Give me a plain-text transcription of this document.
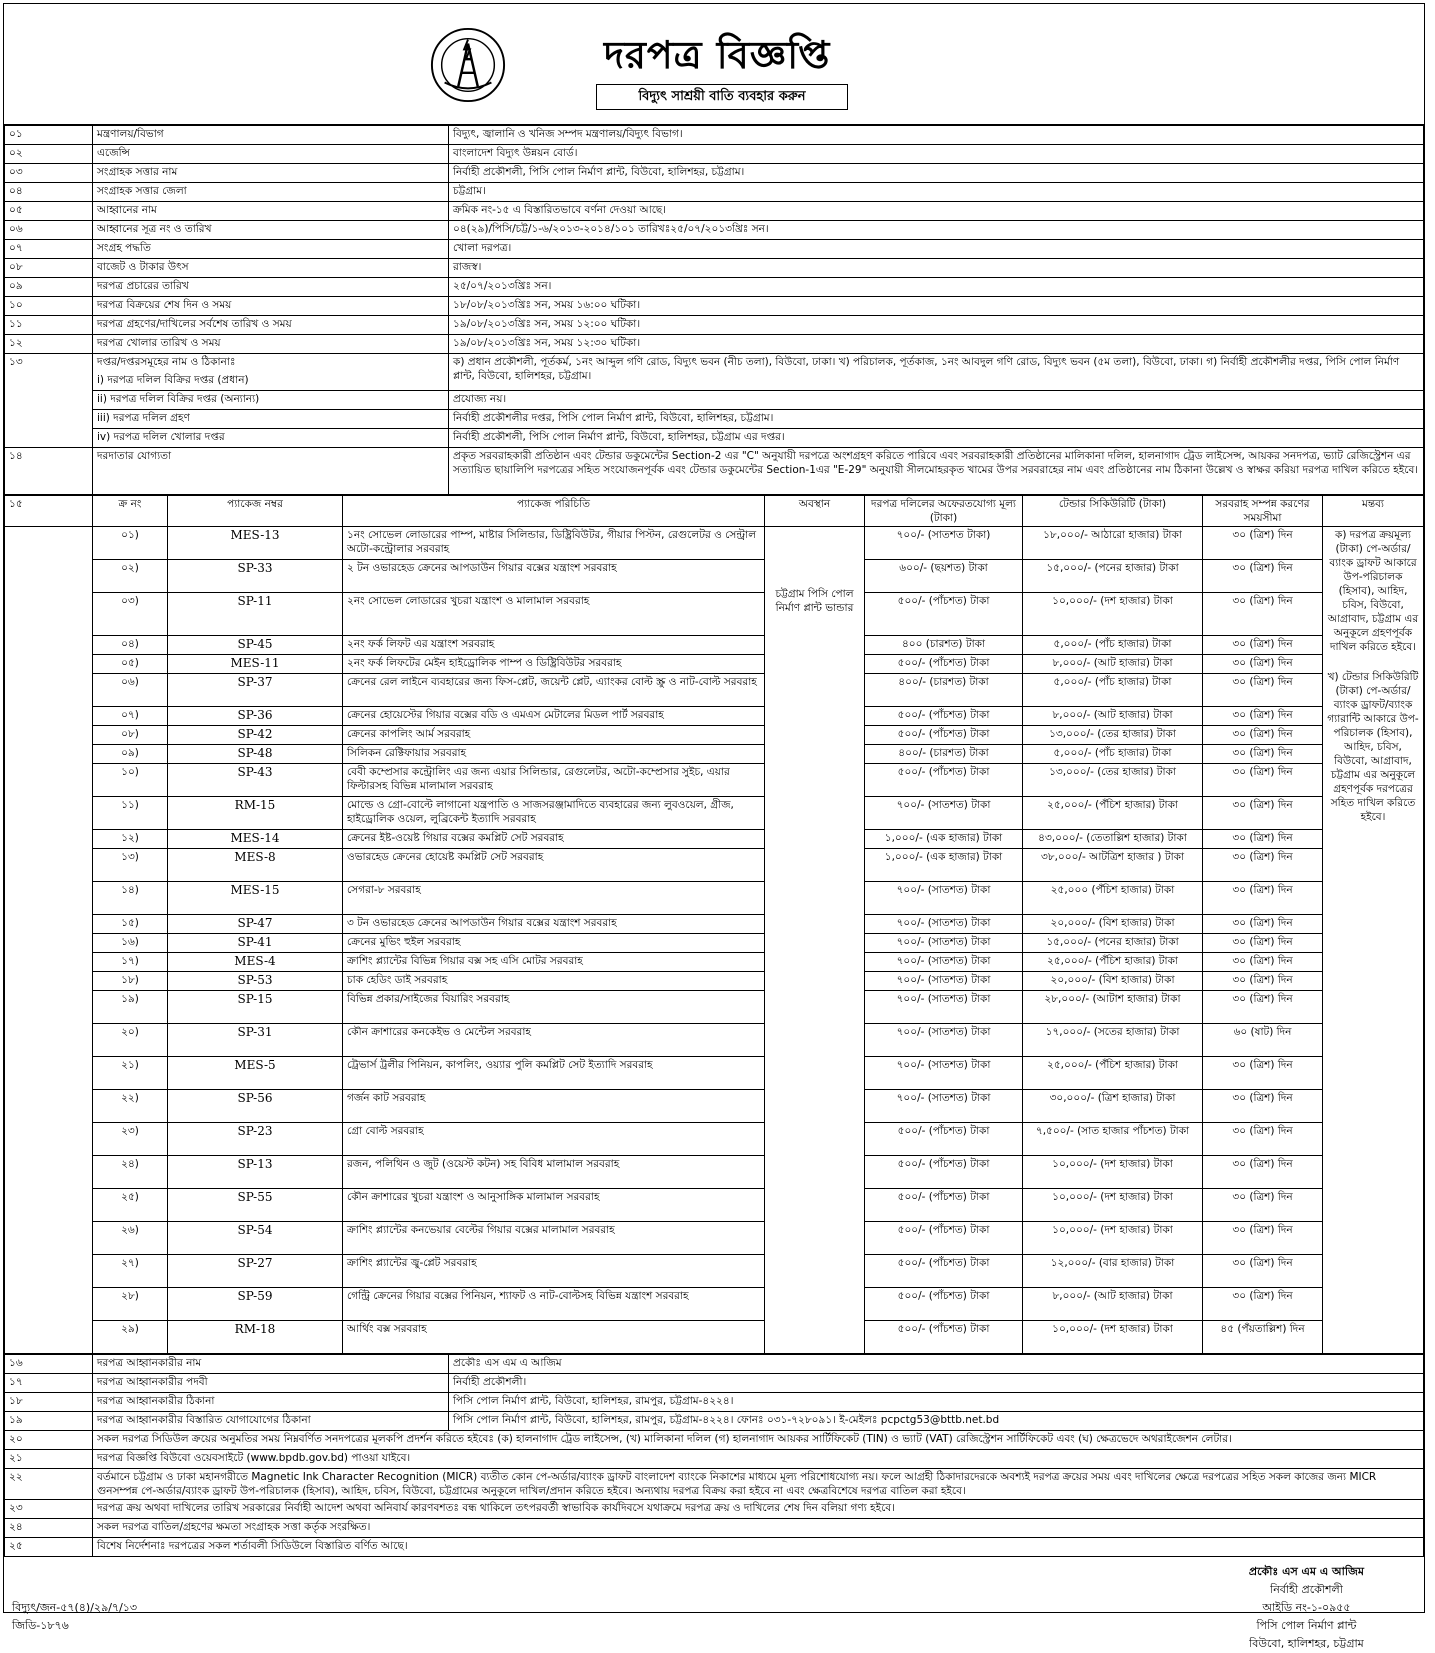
দরপত্র বিজ্ঞপ্তি
বিদ্যুৎ সাশ্রয়ী বাতি ব্যবহার করুন
০১	মন্ত্রণালয়/বিভাগ	বিদ্যুৎ, জ্বালানি ও খনিজ সম্পদ মন্ত্রণালয়/বিদ্যুৎ বিভাগ।
০২	এজেন্সি	বাংলাদেশ বিদ্যুৎ উন্নয়ন বোর্ড।
০৩	সংগ্রাহক সত্তার নাম	নির্বাহী প্রকৌশলী, পিসি পোল নির্মাণ প্লান্ট, বিউবো, হালিশহর, চট্টগ্রাম।
০৪	সংগ্রাহক সত্তার জেলা	চট্টগ্রাম।
০৫	আহ্বানের নাম	ক্রমিক নং-১৫ এ বিস্তারিতভাবে বর্ণনা দেওয়া আছে।
০৬	আহ্বানের সূত্র নং ও তারিখ	০৪(২৯)/পিসি/চট্ট/১-৬/২০১৩-২০১৪/১০১ তারিখঃ২৫/০৭/২০১৩খ্রিঃ সন।
০৭	সংগ্রহ পদ্ধতি	খোলা দরপত্র।
০৮	বাজেট ও টাকার উৎস	রাজস্ব।
০৯	দরপত্র প্রচারের তারিখ	২৫/০৭/২০১৩খ্রিঃ সন।
১০	দরপত্র বিক্রয়ের শেষ দিন ও সময়	১৮/০৮/২০১৩খ্রিঃ সন, সময় ১৬:০০ ঘটিকা।
১১	দরপত্র গ্রহণের/দাখিলের সর্বশেষ তারিখ ও সময়	১৯/০৮/২০১৩খ্রিঃ সন, সময় ১২:০০ ঘটিকা।
১২	দরপত্র খোলার তারিখ ও সময়	১৯/০৮/২০১৩খ্রিঃ সন, সময় ১২:৩০ ঘটিকা।
১৩	দপ্তর/দপ্তরসমূহের নাম ও ঠিকানাঃ	ক) প্রধান প্রকৌশলী, পূর্তকর্ম, ১নং আব্দুল গণি রোড, বিদ্যুৎ ভবন (নীচ তলা), বিউবো, ঢাকা। খ) পরিচালক, পূর্তকাজ, ১নং আবদুল গণি রোড, বিদ্যুৎ ভবন (৫ম তলা), বিউবো, ঢাকা। গ) নির্বাহী প্রকৌশলীর দপ্তর, পিসি পোল নির্মাণ প্লান্ট, বিউবো, হালিশহর, চট্টগ্রাম।
	i) দরপত্র দলিল বিক্রির দপ্তর (প্রধান)	
	ii) দরপত্র দলিল বিক্রির দপ্তর (অন্যান্য)	প্রযোজ্য নয়।
	iii) দরপত্র দলিল গ্রহণ	নির্বাহী প্রকৌশলীর দপ্তর, পিসি পোল নির্মাণ প্লান্ট, বিউবো, হালিশহর, চট্টগ্রাম।
	iv) দরপত্র দলিল খোলার দপ্তর	নির্বাহী প্রকৌশলী, পিসি পোল নির্মাণ প্লান্ট, বিউবো, হালিশহর, চট্টগ্রাম এর দপ্তর।
১৪	দরদাতার যোগ্যতা	প্রকৃত সরবরাহকারী প্রতিষ্ঠান এবং টেন্ডার ডকুমেন্টের Section-2 এর "C" অনুযায়ী দরপত্রে অংশগ্রহণ করিতে পারিবে এবং সরবরাহকারী প্রতিষ্ঠানের মালিকানা দলিল, হালনাগাদ ট্রেড লাইসেন্স, আয়কর সনদপত্র, ভ্যাট রেজিস্ট্রেশন এর সত্যায়িত ছায়ালিপি দরপত্রের সহিত সংযোজনপূর্বক এবং টেন্ডার ডকুমেন্টের Section-1এর "E-29" অনুযায়ী সীলমোহরকৃত খামের উপর সরবরাহের নাম এবং প্রতিষ্ঠানের নাম ঠিকানা উল্লেখ ও স্বাক্ষর করিয়া দরপত্র দাখিল করিতে হইবে।
১৫	ক্র নং	প্যাকেজ নম্বর	প্যাকেজ পরিচিতি	অবস্থান	দরপত্র দলিলের অফেরতযোগ্য মূল্য (টাকা)	টেন্ডার সিকিউরিটি (টাকা)	সরবরাহ সম্পন্ন করণের সময়সীমা	মন্তব্য
	০১)	MES-13	১নং সোভেল লোডারের পাম্প, মাষ্টার সিলিন্ডার, ডিষ্ট্রিবিউটর, গীয়ার পিস্টন, রেগুলেটর ও সেন্ট্রাল অটো-কন্ট্রোলার সরবরাহ	চট্টগ্রাম পিসি পোল নির্মাণ প্লান্ট ভান্ডার	৭০০/- (সাতশত টাকা)	১৮,০০০/- আঠারো হাজার) টাকা	৩০ (ত্রিশ) দিন	ক) দরপত্র ক্রয়মূল্য (টাকা) পে-অর্ডার/ব্যাংক ড্রাফট আকারে উপ-পরিচালক (হিসাব), আহিদ, চবিস, বিউবো, আগ্রাবাদ, চট্টগ্রাম এর অনুকূলে গ্রহণপূর্বক দাখিল করিতে হইবে।
খ) টেন্ডার সিকিউরিটি (টাকা) পে-অর্ডার/ব্যাংক ড্রাফট/ব্যাংক গ্যারান্টি আকারে উপ-পরিচালক (হিসাব), আহিদ, চবিস, বিউবো, আগ্রাবাদ, চট্টগ্রাম এর অনুকূলে গ্রহণপূর্বক দরপত্রের সহিত দাখিল করিতে হইবে।

	০২)	SP-33	২ টন ওভারহেড ক্রেনের আপডাউন গিয়ার বক্সের যন্ত্রাংশ সরবরাহ		৬০০/- (ছয়শত) টাকা	১৫,০০০/- (পনের হাজার) টাকা	৩০ (ত্রিশ) দিন	
	০৩)	SP-11	২নং সোভেল লোডারের খুচরা যন্ত্রাংশ ও মালামাল সরবরাহ		৫০০/- (পাঁচশত) টাকা	১০,০০০/- (দশ হাজার) টাকা	৩০ (ত্রিশ) দিন	
	০৪)	SP-45	২নং ফর্ক লিফট এর যন্ত্রাংশ সরবরাহ		৪০০ (চারশত) টাকা	৫,০০০/- (পাঁচ হাজার) টাকা	৩০ (ত্রিশ) দিন	
	০৫)	MES-11	২নং ফর্ক লিফটের মেইন হাইড্রোলিক পাম্প ও ডিষ্ট্রিবিউটর সরবরাহ		৫০০/- (পাঁচশত) টাকা	৮,০০০/- (আট হাজার) টাকা	৩০ (ত্রিশ) দিন	
	০৬)	SP-37	ক্রেনের রেল লাইনে ব্যবহারের জন্য ফিস-প্লেট, জয়েন্ট প্লেট, এ্যাংকর বোল্ট স্ক্রু ও নাট-বোল্ট সরবরাহ		৪০০/- (চারশত) টাকা	৫,০০০/- (পাঁচ হাজার) টাকা	৩০ (ত্রিশ) দিন	
	০৭)	SP-36	ক্রেনের হোয়েস্টের গিয়ার বক্সের বডি ও এমএস মেটালের মিডল পার্ট সরবরাহ		৫০০/- (পাঁচশত) টাকা	৮,০০০/- (আট হাজার) টাকা	৩০ (ত্রিশ) দিন	
	০৮)	SP-42	ক্রেনের কাপলিং আর্ম সরবরাহ		৫০০/- (পাঁচশত) টাকা	১৩,০০০/- (তের হাজার) টাকা	৩০ (ত্রিশ) দিন	
	০৯)	SP-48	সিলিকন রেক্টিফায়ার সরবরাহ		৪০০/- (চারশত) টাকা	৫,০০০/- (পাঁচ হাজার) টাকা	৩০ (ত্রিশ) দিন	
	১০)	SP-43	বেবী কম্প্রেসার কন্ট্রোলিং এর জন্য এয়ার সিলিন্ডার, রেগুলেটর, অটো-কম্প্রেসার সুইচ, এয়ার ফিল্টারসহ বিভিন্ন মালামাল সরবরাহ		৫০০/- (পাঁচশত) টাকা	১৩,০০০/- (তের হাজার) টাকা	৩০ (ত্রিশ) দিন	
	১১)	RM-15	মোল্ডে ও গ্রো-বোল্টে লাগানো যন্ত্রপাতি ও সাজসরঞ্জামাদিতে ব্যবহারের জন্য লুবওয়েল, গ্রীজ, হাইড্রোলিক ওয়েল, লুব্রিকেন্ট ইত্যাদি সরবরাহ		৭০০/- (সাতশত) টাকা	২৫,০০০/- (পঁচিশ হাজার) টাকা	৩০ (ত্রিশ) দিন	
	১২)	MES-14	ক্রেনের ইষ্ট-ওয়েষ্ট গিয়ার বক্সের কমপ্লিট সেট সরবরাহ		১,০০০/- (এক হাজার) টাকা	৪৩,০০০/- (তেতাল্লিশ হাজার) টাকা	৩০ (ত্রিশ) দিন	
	১৩)	MES-8	ওভারহেড ক্রেনের হোয়েষ্ট কমপ্লিট সেট সরবরাহ		১,০০০/- (এক হাজার) টাকা	৩৮,০০০/- আটত্রিশ হাজার ) টাকা	৩০ (ত্রিশ) দিন	
	১৪)	MES-15	সেগরা-৮ সরবরাহ		৭০০/- (সাতশত) টাকা	২৫,০০০ (পঁচিশ হাজার) টাকা	৩০ (ত্রিশ) দিন	
	১৫)	SP-47	৩ টন ওভারহেড ক্রেনের আপডাউন গিয়ার বক্সের যন্ত্রাংশ সরবরাহ		৭০০/- (সাতশত) টাকা	২০,০০০/- (বিশ হাজার) টাকা	৩০ (ত্রিশ) দিন	
	১৬)	SP-41	ক্রেনের মুভিং হুইল সরবরাহ		৭০০/- (সাতশত) টাকা	১৫,০০০/- (পনের হাজার) টাকা	৩০ (ত্রিশ) দিন	
	১৭)	MES-4	ক্রাশিং প্ল্যান্টের বিভিন্ন গিয়ার বক্স সহ এসি মোটর সরবরাহ		৭০০/- (সাতশত) টাকা	২৫,০০০/- (পঁচিশ হাজার) টাকা	৩০ (ত্রিশ) দিন	
	১৮)	SP-53	চাক হেডিং ডাই সরবরাহ		৭০০/- (সাতশত) টাকা	২০,০০০/- (বিশ হাজার) টাকা	৩০ (ত্রিশ) দিন	
	১৯)	SP-15	বিভিন্ন প্রকার/সাইজের বিয়ারিং সরবরাহ		৭০০/- (সাতশত) টাকা	২৮,০০০/- (আটাশ হাজার) টাকা	৩০ (ত্রিশ) দিন	
	২০)	SP-31	কৌন ক্রাশারের কনকেইভ ও মেন্টেল সরবরাহ		৭০০/- (সাতশত) টাকা	১৭,০০০/- (সতের হাজার) টাকা	৬০ (ষাট) দিন	
	২১)	MES-5	ট্রেভার্স ট্রলীর পিনিয়ন, কাপলিং, ওয়্যার পুলি কমপ্লিট সেট ইত্যাদি সরবরাহ		৭০০/- (সাতশত) টাকা	২৫,০০০/- (পঁচিশ হাজার) টাকা	৩০ (ত্রিশ) দিন	
	২২)	SP-56	গর্জন কাট সরবরাহ		৭০০/- (সাতশত) টাকা	৩০,০০০/- (ত্রিশ হাজার) টাকা	৩০ (ত্রিশ) দিন	
	২৩)	SP-23	গ্রো বোল্ট সরবরাহ		৫০০/- (পাঁচশত) টাকা	৭,৫০০/- (সাত হাজার পাঁচশত) টাকা	৩০ (ত্রিশ) দিন	
	২৪)	SP-13	রজন, পলিথিন ও জুট (ওয়েস্ট কটন) সহ বিবিধ মালামাল সরবরাহ		৫০০/- (পাঁচশত) টাকা	১০,০০০/- (দশ হাজার) টাকা	৩০ (ত্রিশ) দিন	
	২৫)	SP-55	কৌন ক্রাশারের খুচরা যন্ত্রাংশ ও আনুসাঙ্গিক মালামাল সরবরাহ		৫০০/- (পাঁচশত) টাকা	১০,০০০/- (দশ হাজার) টাকা	৩০ (ত্রিশ) দিন	
	২৬)	SP-54	ক্রাশিং প্ল্যান্টের কনভেয়ার বেল্টের গিয়ার বক্সের মালামাল সরবরাহ		৫০০/- (পাঁচশত) টাকা	১০,০০০/- (দশ হাজার) টাকা	৩০ (ত্রিশ) দিন	
	২৭)	SP-27	ক্রাশিং প্ল্যান্টের জ্বু-প্লেট সরবরাহ		৫০০/- (পাঁচশত) টাকা	১২,০০০/- (বার হাজার) টাকা	৩০ (ত্রিশ) দিন	
	২৮)	SP-59	গেন্ট্রি ক্রেনের গিয়ার বক্সের পিনিয়ন, শ্যাফট ও নাট-বোল্টসহ বিভিন্ন যন্ত্রাংশ সরবরাহ		৫০০/- (পাঁচশত) টাকা	৮,০০০/- (আট হাজার) টাকা	৩০ (ত্রিশ) দিন	
	২৯)	RM-18	আর্থিং বক্স সরবরাহ		৫০০/- (পাঁচশত) টাকা	১০,০০০/- (দশ হাজার) টাকা	৪৫ (পঁয়তাল্লিশ) দিন	
১৬	দরপত্র আহ্বানকারীর নাম	প্রকৌঃ এস এম এ আজিম
১৭	দরপত্র আহ্বানকারীর পদবী	নির্বাহী প্রকৌশলী।
১৮	দরপত্র আহ্বানকারীর ঠিকানা	পিসি পোল নির্মাণ প্লান্ট, বিউবো, হালিশহর, রামপুর, চট্টগ্রাম-৪২২৪।
১৯	দরপত্র আহ্বানকারীর বিস্তারিত যোগাযোগের ঠিকানা	পিসি পোল নির্মাণ প্লান্ট, বিউবো, হালিশহর, রামপুর, চট্টগ্রাম-৪২২৪। ফোনঃ ০৩১-৭২৮০৯১। ই-মেইলঃ pcpctg53@bttb.net.bd
২০	সকল দরপত্র সিডিউল ক্রয়ের অনুমতির সময় নিম্নবর্ণিত সনদপত্রের মূলকপি প্রদর্শন করিতে হইবেঃ (ক) হালনাগাদ ট্রেড লাইসেন্স, (খ) মালিকানা দলিল (গ) হালনাগাদ আয়কর সার্টিফিকেট (TIN) ও ভ্যাট (VAT) রেজিস্ট্রেশন সার্টিফিকেট এবং (ঘ) ক্ষেত্রভেদে অথরাইজেশন লেটার।	
২১	দরপত্র বিজ্ঞপ্তি বিউবো ওয়েবসাইটে (www.bpdb.gov.bd) পাওয়া যাইবে।	
২২	বর্তমানে চট্টগ্রাম ও ঢাকা মহানগরীতে Magnetic Ink Character Recognition (MICR) ব্যতীত কোন পে-অর্ডার/ব্যাংক ড্রাফট বাংলাদেশ ব্যাংকে নিকাশের মাধ্যমে মূল্য পরিশোধযোগ্য নয়। ফলে আগ্রহী ঠিকাদারদেরকে অবশ্যই দরপত্র ক্রয়ের সময় এবং দাখিলের ক্ষেত্রে দরপত্রের সহিত সকল কাজের জন্য MICR গুনসম্পন্ন পে-অর্ডার/ব্যাংক ড্রাফট উপ-পরিচালক (হিসাব), আহিদ, চবিস, বিউবো, চট্টগ্রামের অনুকূলে দাখিল/প্রদান করিতে হইবে। অন্যথায় দরপত্র বিক্রয় করা হইবে না এবং ক্ষেত্রবিশেষে দরপত্র বাতিল করা হইবে।	
২৩	দরপত্র ক্রয় অথবা দাখিলের তারিখ সরকারের নির্বাহী আদেশ অথবা অনিবার্য কারণবশতঃ বন্ধ থাকিলে তৎপরবর্তী স্বাভাবিক কার্যদিবসে যথাক্রমে দরপত্র ক্রয় ও দাখিলের শেষ দিন বলিয়া গণ্য হইবে।	
২৪	সকল দরপত্র বাতিল/গ্রহণের ক্ষমতা সংগ্রাহক সত্তা কর্তৃক সংরক্ষিত।	
২৫	বিশেষ নির্দেশনাঃ দরপত্রের সকল শর্তাবলী সিডিউলে বিস্তারিত বর্ণিত আছে।	
প্রকৌঃ এস এম এ আজিম
নির্বাহী প্রকৌশলী
আইডি নং-১-০৯৫৫
পিসি পোল নির্মাণ প্লান্ট
বিউবো, হালিশহর, চট্টগ্রাম
বিদ্যুৎ/জন-৫৭(৪)/২৯/৭/১৩
জিডি-১৮৭৬
